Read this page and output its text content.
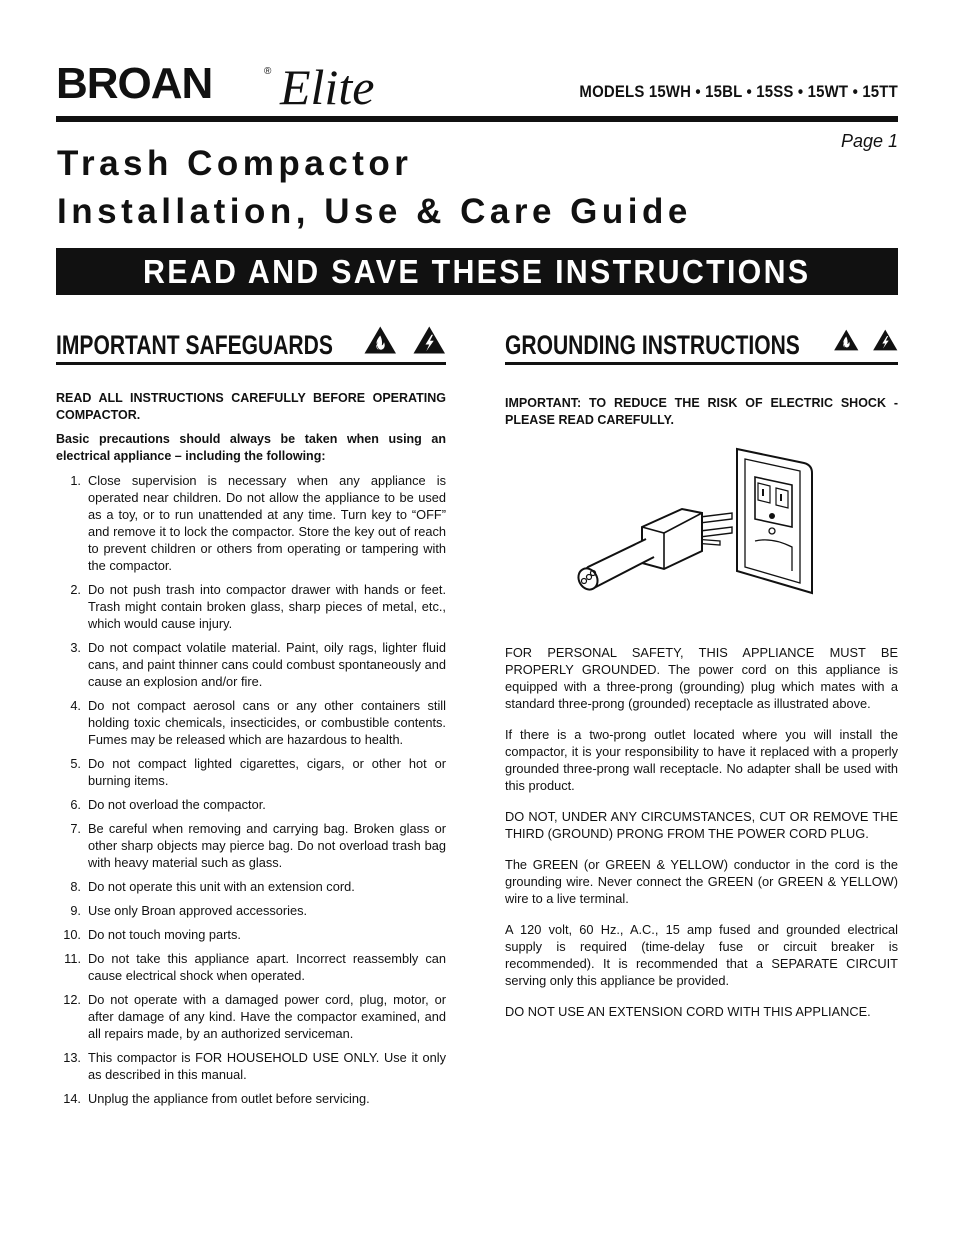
BROAN	® Elite	MODELS 15WH • 15BL • 15SS • 15WT • 15TT
Page 1
Trash Compactor
Installation, Use & Care Guide
READ AND SAVE THESE INSTRUCTIONS
IMPORTANT SAFEGUARDS

READ ALL INSTRUCTIONS CAREFULLY BEFORE OPERATING COMPACTOR.

Basic precautions should always be taken when using an electrical appliance – including the following:

1. Close supervision is necessary when any appliance is operated near children. Do not allow the appliance to be used as a toy, or to run unattended at any time. Turn key to “OFF” and remove it to lock the compactor. Store the key out of reach to prevent children or others from operating or tampering with the compactor.
2. Do not push trash into compactor drawer with hands or feet. Trash might contain broken glass, sharp pieces of metal, etc., which would cause injury.
3. Do not compact volatile material. Paint, oily rags, lighter fluid cans, and paint thinner cans could combust spontaneously and cause an explosion and/or fire.
4. Do not compact aerosol cans or any other containers still holding toxic chemicals, insecticides, or combustible contents. Fumes may be released which are hazardous to health.
5. Do not compact lighted cigarettes, cigars, or other hot or burning items.
6. Do not overload the compactor.
7. Be careful when removing and carrying bag. Broken glass or other sharp objects may pierce bag. Do not overload trash bag with heavy material such as glass.
8. Do not operate this unit with an extension cord.
9. Use only Broan approved accessories.
10. Do not touch moving parts.
11. Do not take this appliance apart. Incorrect reassembly can cause electrical shock when operated.
12. Do not operate with a damaged power cord, plug, motor, or after damage of any kind. Have the compactor examined, and all repairs made, by an authorized serviceman.
13. This compactor is FOR HOUSEHOLD USE ONLY. Use it only as described in this manual.
14. Unplug the appliance from outlet before servicing.
GROUNDING INSTRUCTIONS

IMPORTANT: TO REDUCE THE RISK OF ELECTRIC SHOCK - PLEASE READ CAREFULLY.

FOR PERSONAL SAFETY, THIS APPLIANCE MUST BE PROPERLY GROUNDED. The power cord on this appliance is equipped with a three-prong (grounding) plug which mates with a standard three-prong (grounded) receptacle as illustrated above.

If there is a two-prong outlet located where you will install the compactor, it is your responsibility to have it replaced with a properly grounded three-prong wall receptacle. No adapter shall be used with this product.

DO NOT, UNDER ANY CIRCUMSTANCES, CUT OR REMOVE THE THIRD (GROUND) PRONG FROM THE POWER CORD PLUG.

The GREEN (or GREEN & YELLOW) conductor in the cord is the grounding wire. Never connect the GREEN (or GREEN & YELLOW) wire to a live terminal.

A 120 volt, 60 Hz., A.C., 15 amp fused and grounded electrical supply is required (time-delay fuse or circuit breaker is recommended). It is recommended that a SEPARATE CIRCUIT serving only this appliance be provided.

DO NOT USE AN EXTENSION CORD WITH THIS APPLIANCE.
